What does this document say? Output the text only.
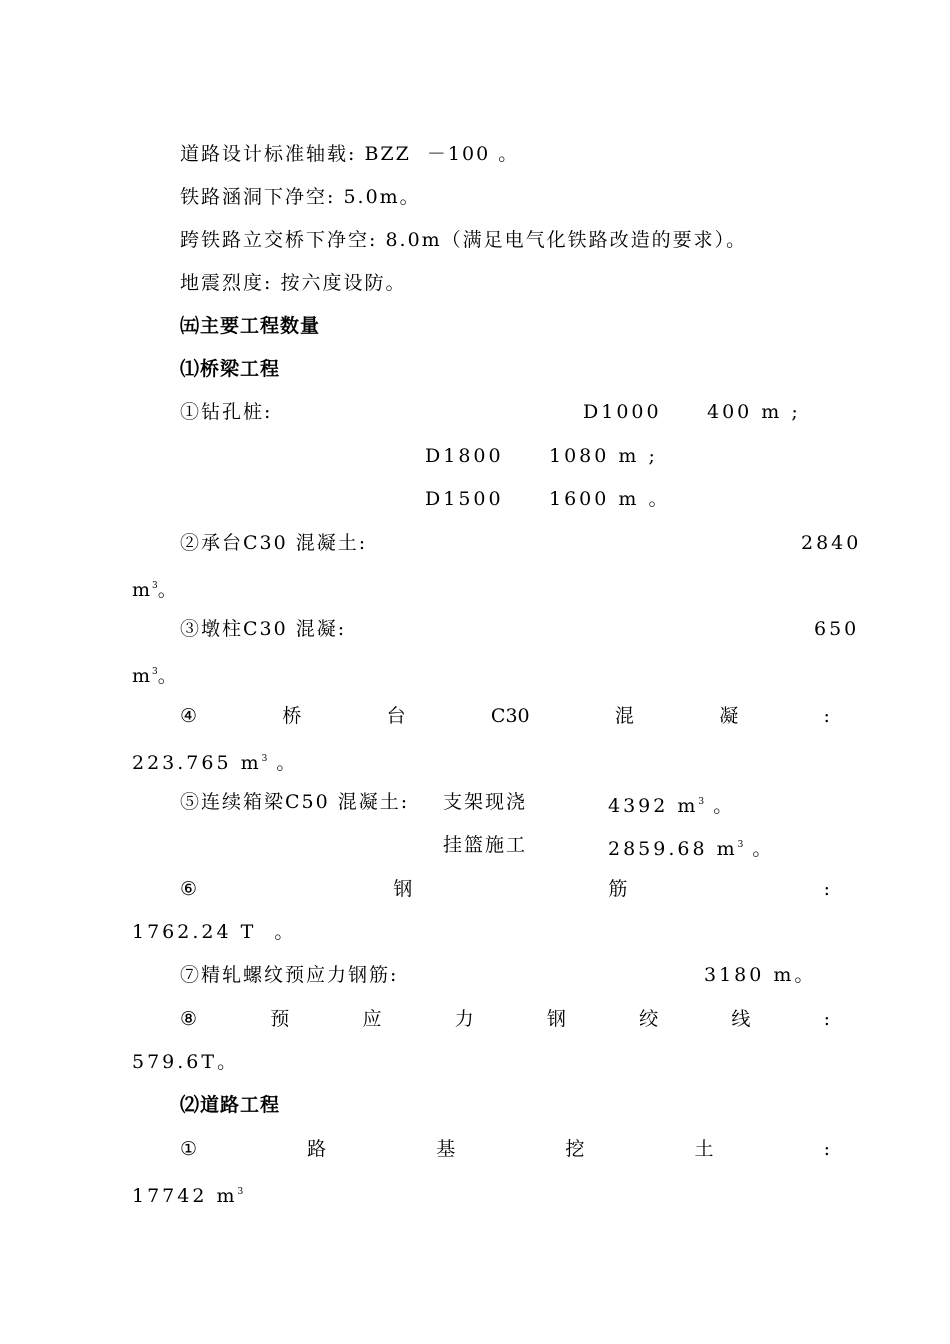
道路设计标准轴载: BZZ  －100 。
铁路涵洞下净空: 5.0m。
跨铁路立交桥下净空: 8.0m（满足电气化铁路改造的要求）。
地震烈度: 按六度设防。
㈤主要工程数量
⑴桥梁工程
①钻孔桩:	D1000 400 m ;
D1800 1080 m ;
D1500 1600 m 。
②承台C30 混凝土:	2840
$m^3$。
③墩柱C30 混凝:	650
$m^3$。
④	桥	台	C30	混	凝	:
223.765 $m^3$ 。
⑤连续箱梁C50 混凝土: 支架现浇	4392 $m^3$ 。
挂篮施工	2859.68 $m^3$ 。
⑥	钢	筋	:
1762.24 T  。
⑦精轧螺纹预应力钢筋:	3180 m。
⑧	预	应	力	钢	绞	线	:
579.6T。
⑵道路工程
①	路	基	挖	土	:
17742 $m^3$
